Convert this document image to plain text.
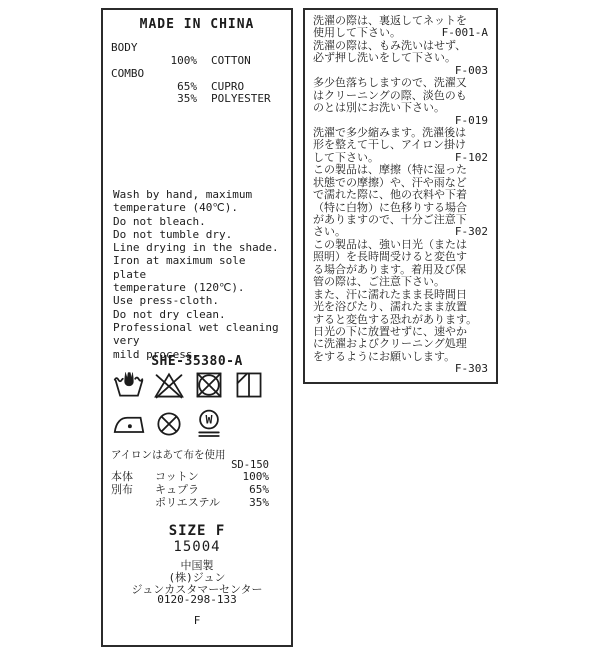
MADE IN CHINA
BODY
100% COTTON
COMBO
65% CUPRO
35% POLYESTER
Wash by hand, maximum
temperature (40℃).
Do not bleach.
Do not tumble dry.
Line drying in the shade.
Iron at maximum sole plate
temperature (120℃).
Use press-cloth.
Do not dry clean.
Professional wet cleaning very
mild process.
SHE-35380-A
W
アイロンはあて布を使用
SD-150
本体	コットン	100%
別布	キュプラ	65%
ポリエステル	35%
SIZE F
15004
中国製
(株)ジュン
ジュンカスタマーセンター
0120-298-133
F
洗濯の際は、裏返してネットを
使用して下さい。	F-001-A
洗濯の際は、もみ洗いはせず、
必ず押し洗いをして下さい。
F-003
多少色落ちしますので、洗濯又
はクリーニングの際、淡色のも
のとは別にお洗い下さい。
F-019
洗濯で多少縮みます。洗濯後は
形を整えて干し、アイロン掛け
して下さい。	F-102
この製品は、摩擦（特に湿った
状態での摩擦）や、汗や雨など
で濡れた際に、他の衣料や下着
（特に白物）に色移りする場合
がありますので、十分ご注意下
さい。	F-302
この製品は、強い日光（または
照明）を長時間受けると変色す
る場合があります。着用及び保
管の際は、ご注意下さい。
また、汗に濡れたまま長時間日
光を浴びたり、濡れたまま放置
すると変色する恐れがあります。
日光の下に放置せずに、速やか
に洗濯およびクリーニング処理
をするようにお願いします。
F-303
